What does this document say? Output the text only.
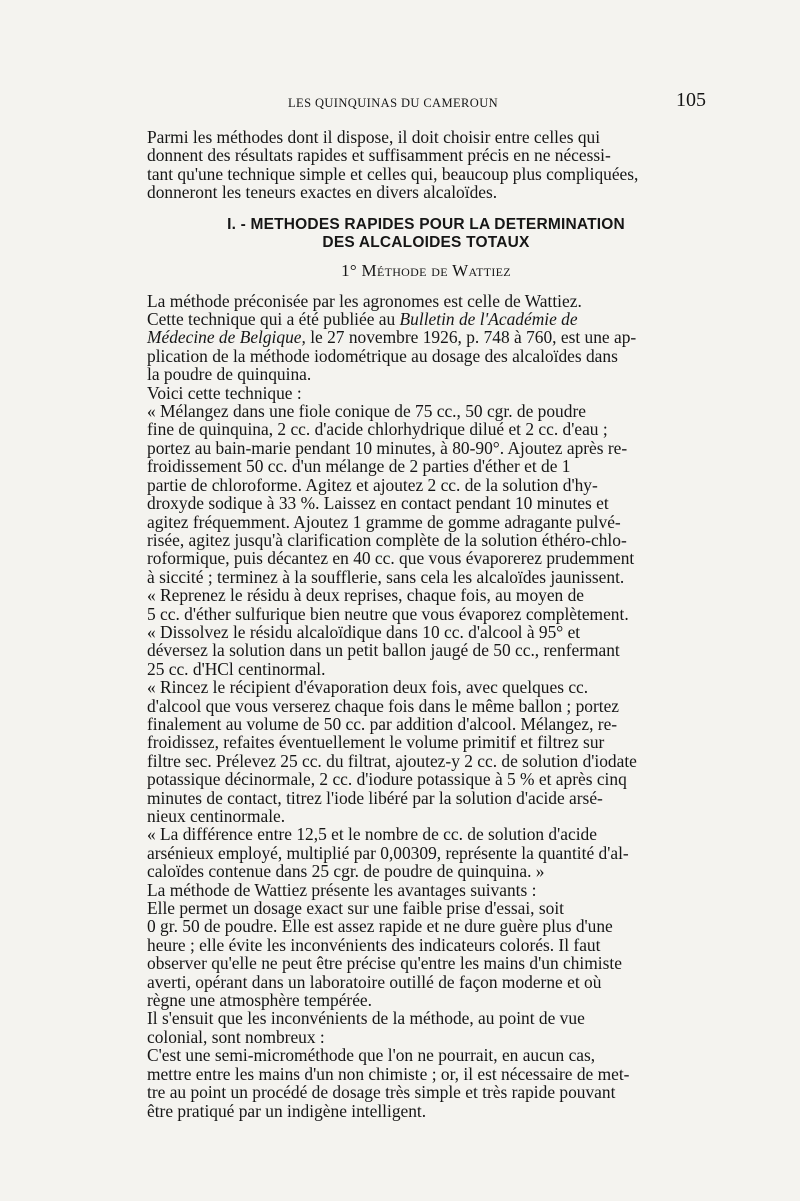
LES QUINQUINAS DU CAMEROUN	105
Parmi les méthodes dont il dispose, il doit choisir entre celles qui
donnent des résultats rapides et suffisamment précis en ne nécessi-
tant qu'une technique simple et celles qui, beaucoup plus compliquées,
donneront les teneurs exactes en divers alcaloïdes.
I. - METHODES RAPIDES POUR LA DETERMINATION
DES ALCALOIDES TOTAUX
1° Méthode de Wattiez
La méthode préconisée par les agronomes est celle de Wattiez.
Cette technique qui a été publiée au Bulletin de l'Académie de
Médecine de Belgique, le 27 novembre 1926, p. 748 à 760, est une ap-
plication de la méthode iodométrique au dosage des alcaloïdes dans
la poudre de quinquina.
Voici cette technique :
« Mélangez dans une fiole conique de 75 cc., 50 cgr. de poudre
fine de quinquina, 2 cc. d'acide chlorhydrique dilué et 2 cc. d'eau ;
portez au bain-marie pendant 10 minutes, à 80-90°. Ajoutez après re-
froidissement 50 cc. d'un mélange de 2 parties d'éther et de 1
partie de chloroforme. Agitez et ajoutez 2 cc. de la solution d'hy-
droxyde sodique à 33 %. Laissez en contact pendant 10 minutes et
agitez fréquemment. Ajoutez 1 gramme de gomme adragante pulvé-
risée, agitez jusqu'à clarification complète de la solution éthéro-chlo-
roformique, puis décantez en 40 cc. que vous évaporerez prudemment
à siccité ; terminez à la soufflerie, sans cela les alcaloïdes jaunissent.
« Reprenez le résidu à deux reprises, chaque fois, au moyen de
5 cc. d'éther sulfurique bien neutre que vous évaporez complètement.
« Dissolvez le résidu alcaloïdique dans 10 cc. d'alcool à 95° et
déversez la solution dans un petit ballon jaugé de 50 cc., renfermant
25 cc. d'HCl centinormal.
« Rincez le récipient d'évaporation deux fois, avec quelques cc.
d'alcool que vous verserez chaque fois dans le même ballon ; portez
finalement au volume de 50 cc. par addition d'alcool. Mélangez, re-
froidissez, refaites éventuellement le volume primitif et filtrez sur
filtre sec. Prélevez 25 cc. du filtrat, ajoutez-y 2 cc. de solution d'iodate
potassique décinormale, 2 cc. d'iodure potassique à 5 % et après cinq
minutes de contact, titrez l'iode libéré par la solution d'acide arsé-
nieux centinormale.
« La différence entre 12,5 et le nombre de cc. de solution d'acide
arsénieux employé, multiplié par 0,00309, représente la quantité d'al-
caloïdes contenue dans 25 cgr. de poudre de quinquina. »
La méthode de Wattiez présente les avantages suivants :
Elle permet un dosage exact sur une faible prise d'essai, soit
0 gr. 50 de poudre. Elle est assez rapide et ne dure guère plus d'une
heure ; elle évite les inconvénients des indicateurs colorés. Il faut
observer qu'elle ne peut être précise qu'entre les mains d'un chimiste
averti, opérant dans un laboratoire outillé de façon moderne et où
règne une atmosphère tempérée.
Il s'ensuit que les inconvénients de la méthode, au point de vue
colonial, sont nombreux :
C'est une semi-microméthode que l'on ne pourrait, en aucun cas,
mettre entre les mains d'un non chimiste ; or, il est nécessaire de met-
tre au point un procédé de dosage très simple et très rapide pouvant
être pratiqué par un indigène intelligent.
